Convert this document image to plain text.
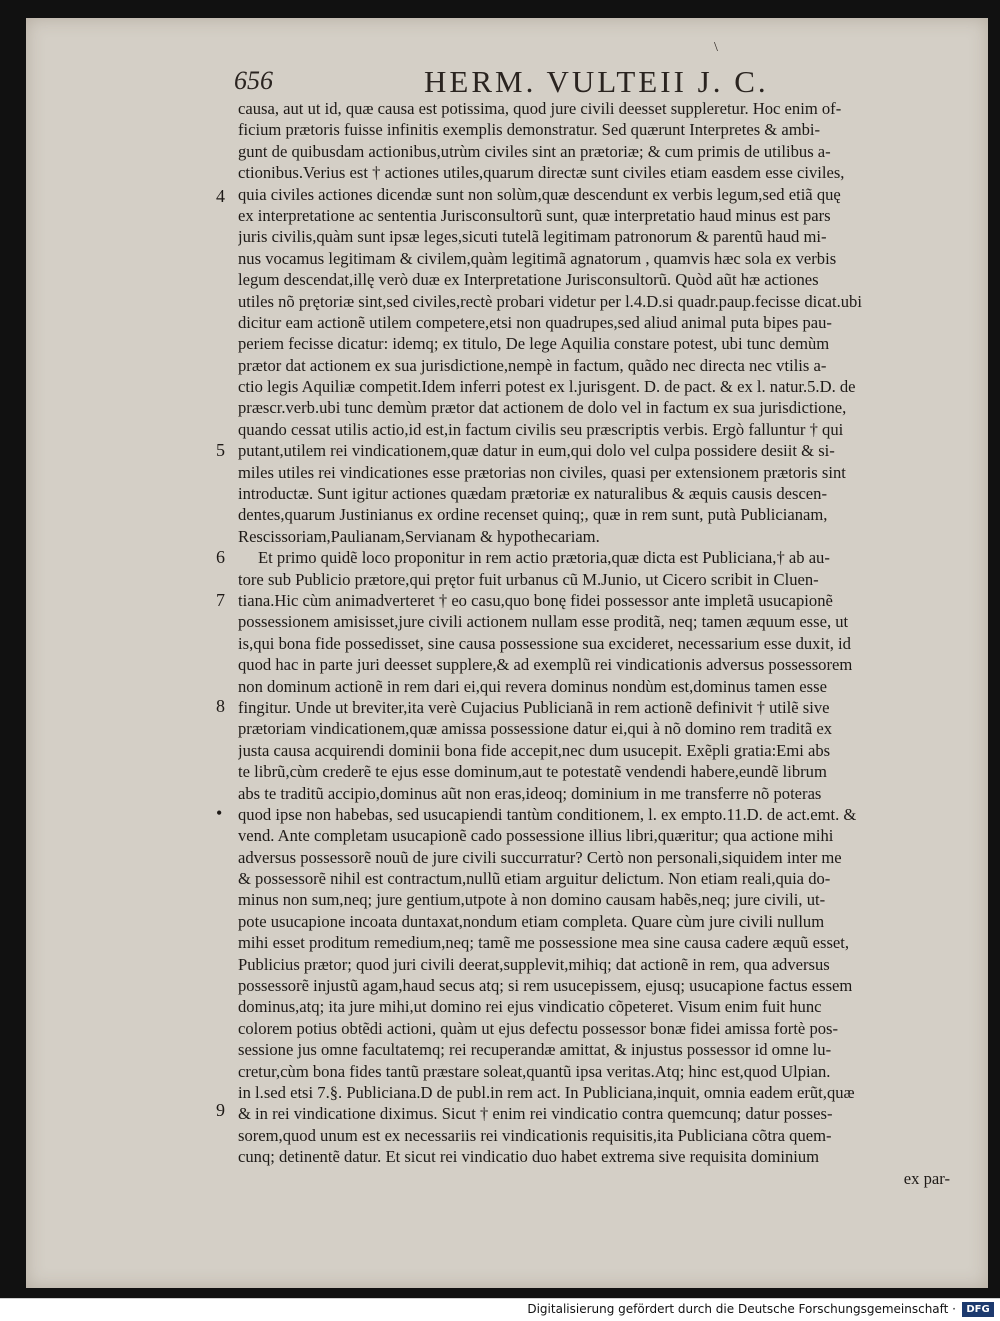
656	HERM. VULTEII J. C.
\
4
5
6
7
8
•
9
causa, aut ut id, quæ causa est potissima, quod jure civili deesset suppleretur. Hoc enim of-
ficium prætoris fuisse infinitis exemplis demonstratur. Sed quærunt Interpretes & ambi-
gunt de quibusdam actionibus,utrùm civiles sint an prætoriæ; & cum primis de utilibus a-
ctionibus.Verius est † actiones utiles,quarum directæ sunt civiles etiam easdem esse civiles,
quia civiles actiones dicendæ sunt non solùm,quæ descendunt ex verbis legum,sed etiã quę
ex interpretatione ac sententia Jurisconsultorũ sunt, quæ interpretatio haud minus est pars
juris civilis,quàm sunt ipsæ leges,sicuti tutelã legitimam patronorum & parentũ haud mi-
nus vocamus legitimam & civilem,quàm legitimã agnatorum , quamvis hæc sola ex verbis
legum descendat,illę verò duæ ex Interpretatione Jurisconsultorũ. Quòd aũt hæ actiones
utiles nõ prętoriæ sint,sed civiles,rectè probari videtur per l.4.D.si quadr.paup.fecisse dicat.ubi
dicitur eam actionẽ utilem competere,etsi non quadrupes,sed aliud animal puta bipes pau-
periem fecisse dicatur: idemq; ex titulo, De lege Aquilia constare potest, ubi tunc demùm
prætor dat actionem ex sua jurisdictione,nempè in factum, quãdo nec directa nec vtilis a-
ctio legis Aquiliæ competit.Idem inferri potest ex l.jurisgent. D. de pact. & ex l. natur.5.D. de
præscr.verb.ubi tunc demùm prætor dat actionem de dolo vel in factum ex sua jurisdictione,
quando cessat utilis actio,id est,in factum civilis seu præscriptis verbis. Ergò falluntur † qui
putant,utilem rei vindicationem,quæ datur in eum,qui dolo vel culpa possidere desiit & si-
miles utiles rei vindicationes esse prætorias non civiles, quasi per extensionem prætoris sint
introductæ. Sunt igitur actiones quædam prætoriæ ex naturalibus & æquis causis descen-
dentes,quarum Justinianus ex ordine recenset quinq;, quæ in rem sunt, putà Publicianam,
Rescissoriam,Paulianam,Servianam & hypothecariam.
Et primo quidẽ loco proponitur in rem actio prætoria,quæ dicta est Publiciana,† ab au-
tore sub Publicio prætore,qui prętor fuit urbanus cũ M.Junio, ut Cicero scribit in Cluen-
tiana.Hic cùm animadverteret † eo casu,quo bonę fidei possessor ante impletã usucapionẽ
possessionem amisisset,jure civili actionem nullam esse proditã, neq; tamen æquum esse, ut
is,qui bona fide possedisset, sine causa possessione sua excideret, necessarium esse duxit, id
quod hac in parte juri deesset supplere,& ad exemplũ rei vindicationis adversus possessorem
non dominum actionẽ in rem dari ei,qui revera dominus nondùm est,dominus tamen esse
fingitur. Unde ut breviter,ita verè Cujacius Publicianã in rem actionẽ definivit † utilẽ sive
prætoriam vindicationem,quæ amissa possessione datur ei,qui à nõ domino rem traditã ex
justa causa acquirendi dominii bona fide accepit,nec dum usucepit. Exẽpli gratia:Emi abs
te librũ,cùm crederẽ te ejus esse dominum,aut te potestatẽ vendendi habere,eundẽ librum
abs te traditũ accipio,dominus aũt non eras,ideoq; dominium in me transferre nõ poteras
quod ipse non habebas, sed usucapiendi tantùm conditionem, l. ex empto.11.D. de act.emt. &
vend. Ante completam usucapionẽ cado possessione illius libri,quæritur; qua actione mihi
adversus possessorẽ nouũ de jure civili succurratur? Certò non personali,siquidem inter me
& possessorẽ nihil est contractum,nullũ etiam arguitur delictum. Non etiam reali,quia do-
minus non sum,neq; jure gentium,utpote à non domino causam habẽs,neq; jure civili, ut-
pote usucapione incoata duntaxat,nondum etiam completa. Quare cùm jure civili nullum
mihi esset proditum remedium,neq; tamẽ me possessione mea sine causa cadere æquũ esset,
Publicius prætor; quod juri civili deerat,supplevit,mihiq; dat actionẽ in rem, qua adversus
possessorẽ injustũ agam,haud secus atq; si rem usucepissem, ejusq; usucapione factus essem
dominus,atq; ita jure mihi,ut domino rei ejus vindicatio cõpeteret. Visum enim fuit hunc
colorem potius obtẽdi actioni, quàm ut ejus defectu possessor bonæ fidei amissa fortè pos-
sessione jus omne facultatemq; rei recuperandæ amittat, & injustus possessor id omne lu-
cretur,cùm bona fides tantũ præstare soleat,quantũ ipsa veritas.Atq; hinc est,quod Ulpian.
in l.sed etsi 7.§. Publiciana.D de publ.in rem act. In Publiciana,inquit, omnia eadem erũt,quæ
& in rei vindicatione diximus. Sicut † enim rei vindicatio contra quemcunq; datur posses-
sorem,quod unum est ex necessariis rei vindicationis requisitis,ita Publiciana cõtra quem-
cunq; detinentẽ datur. Et sicut rei vindicatio duo habet extrema sive requisita dominium
ex par-
Digitalisierung gefördert durch die Deutsche Forschungsgemeinschaft ·	DFG
